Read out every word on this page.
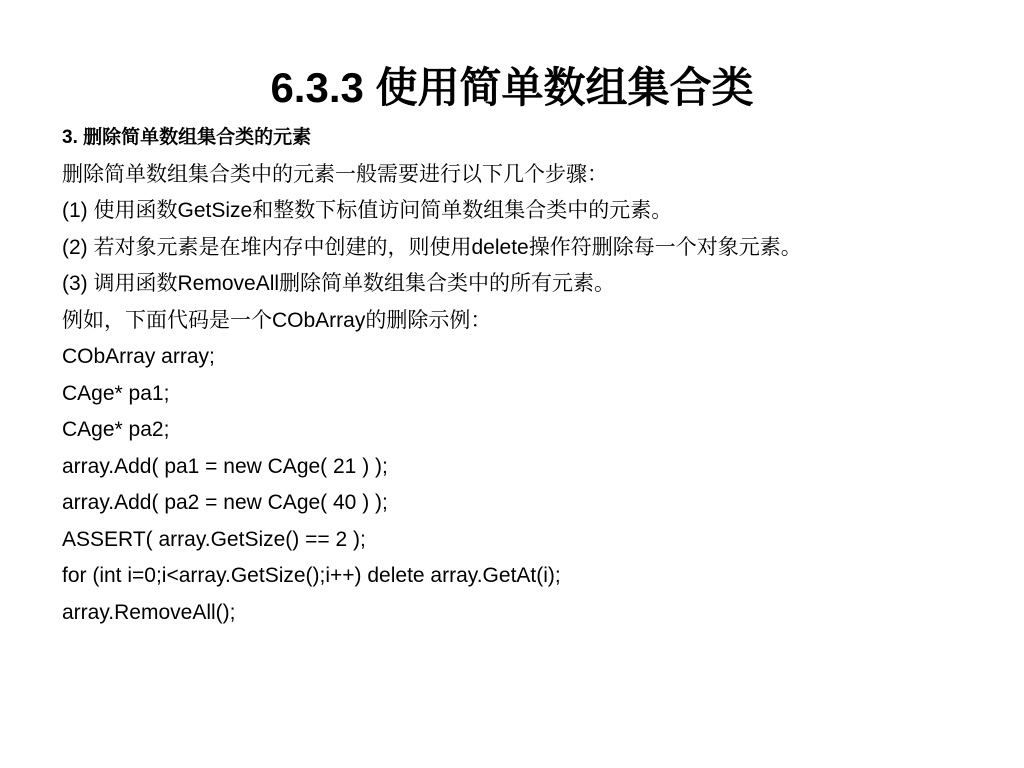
6.3.3 使用简单数组集合类
3. 删除简单数组集合类的元素
删除简单数组集合类中的元素一般需要进行以下几个步骤：
(1) 使用函数GetSize和整数下标值访问简单数组集合类中的元素。
(2) 若对象元素是在堆内存中创建的，则使用delete操作符删除每一个对象元素。
(3) 调用函数RemoveAll删除简单数组集合类中的所有元素。
例如，下面代码是一个CObArray的删除示例：
CObArray array;
CAge* pa1;
CAge* pa2;
array.Add( pa1 = new CAge( 21 ) );
array.Add( pa2 = new CAge( 40 ) );
ASSERT( array.GetSize() == 2 );
for (int i=0;i<array.GetSize();i++) delete array.GetAt(i);
array.RemoveAll();
